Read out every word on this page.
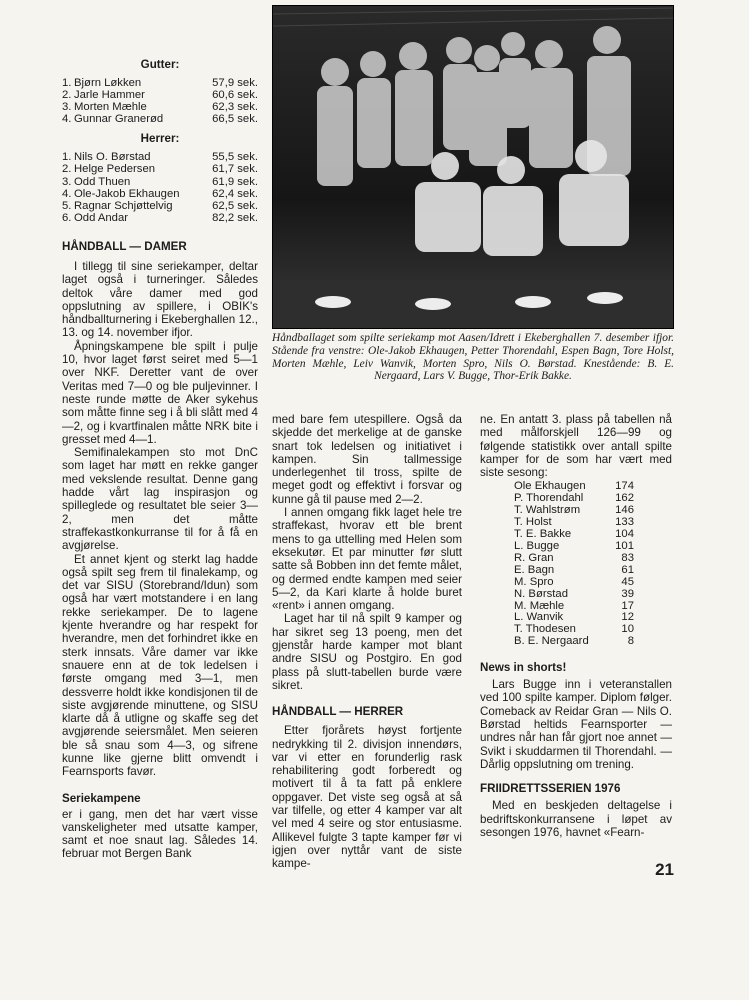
Gutter:
1. Bjørn Løkken	57,9 sek.
2. Jarle Hammer	60,6 sek.
3. Morten Mæhle	62,3 sek.
4. Gunnar Granerød	66,5 sek.
Herrer:
1. Nils O. Børstad	55,5 sek.
2. Helge Pedersen	61,7 sek.
3. Odd Thuen	61,9 sek.
4. Ole-Jakob Ekhaugen	62,4 sek.
5. Ragnar Schjøttelvig	62,5 sek.
6. Odd Andar	82,2 sek.
HÅNDBALL — DAMER

I tillegg til sine seriekamper, deltar laget også i turneringer. Således deltok våre damer med god oppslutning av spillere, i OBIK's håndballturnering i Ekeberghallen 12., 13. og 14. november ifjor.

Åpningskampene ble spilt i pulje 10, hvor laget først seiret med 5—1 over NKF. Deretter vant de over Veritas med 7—0 og ble puljevinner. I neste runde møtte de Aker sykehus som måtte finne seg i å bli slått med 4—2, og i kvartfinalen måtte NRK bite i gresset med 4—1.

Semifinalekampen sto mot DnC som laget har møtt en rekke ganger med vekslende resultat. Denne gang hadde vårt lag inspirasjon og spilleglede og resultatet ble seier 3—2, men det måtte straffekastkonkurranse til for å få en avgjørelse.

Et annet kjent og sterkt lag hadde også spilt seg frem til finalekamp, og det var SISU (Storebrand/Idun) som også har vært motstandere i en lang rekke seriekamper. De to lagene kjente hverandre og har respekt for hverandre, men det forhindret ikke en sterk innsats. Våre damer var ikke snauere enn at de tok ledelsen i første omgang med 3—1, men dessverre holdt ikke kondisjonen til de siste avgjørende minuttene, og SISU klarte då å utligne og skaffe seg det avgjørende seiersmålet. Men seieren ble så snau som 4—3, og sifrene kunne like gjerne blitt omvendt i Fearnsports favør.

Seriekampene

er i gang, men det har vært visse vanskeligheter med utsatte kamper, samt et noe snaut lag. Således 14. februar mot Bergen Bank

Håndballaget som spilte seriekamp mot Aasen/Idrett i Ekeberghallen 7. desember ifjor. Stående fra venstre: Ole-Jakob Ekhaugen, Petter Thorendahl, Espen Bagn, Tore Holst, Morten Mæhle, Leiv Wanvik, Morten Spro, Nils O. Børstad. Knestående: B. E. Nergaard, Lars V. Bugge, Thor-Erik Bakke.

med bare fem utespillere. Også da skjedde det merkelige at de ganske snart tok ledelsen og initiativet i kampen. Sin tallmessige underlegenhet til tross, spilte de meget godt og effektivt i forsvar og kunne gå til pause med 2—2.

I annen omgang fikk laget hele tre straffekast, hvorav ett ble brent mens to ga uttelling med Helen som eksekutør. Et par minutter før slutt satte så Bobben inn det femte målet, og dermed endte kampen med seier 5—2, da Kari klarte å holde buret «rent» i annen omgang.

Laget har til nå spilt 9 kamper og har sikret seg 13 poeng, men det gjenstår harde kamper mot blant andre SISU og Postgiro. En god plass på slutt-tabellen burde være sikret.

HÅNDBALL — HERRER

Etter fjorårets høyst fortjente nedrykking til 2. divisjon innendørs, var vi etter en forunderlig rask rehabilitering godt forberedt og motivert til å ta fatt på enklere oppgaver. Det viste seg også at så var tilfelle, og etter 4 kamper var alt vel med 4 seire og stor entusiasme. Allikevel fulgte 3 tapte kamper før vi igjen over nyttår vant de siste kampe-

ne. En antatt 3. plass på tabellen nå med målforskjell 126—99 og følgende statistikk over antall spilte kamper for de som har vært med siste sesong:

Ole Ekhaugen	174
P. Thorendahl	162
T. Wahlstrøm	146
T. Holst	133
T. E. Bakke	104
L. Bugge	101
R. Gran	83
E. Bagn	61
M. Spro	45
N. Børstad	39
M. Mæhle	17
L. Wanvik	12
T. Thodesen	10
B. E. Nergaard	8
News in shorts!

Lars Bugge inn i veteranstallen ved 100 spilte kamper. Diplom følger. Comeback av Reidar Gran — Nils O. Børstad heltids Fearnsporter — undres når han får gjort noe annet — Svikt i skuddarmen til Thorendahl. — Dårlig oppslutning om trening.

FRIIDRETTSSERIEN 1976

Med en beskjeden deltagelse i bedriftskonkurransene i løpet av sesongen 1976, havnet «Fearn-

21
